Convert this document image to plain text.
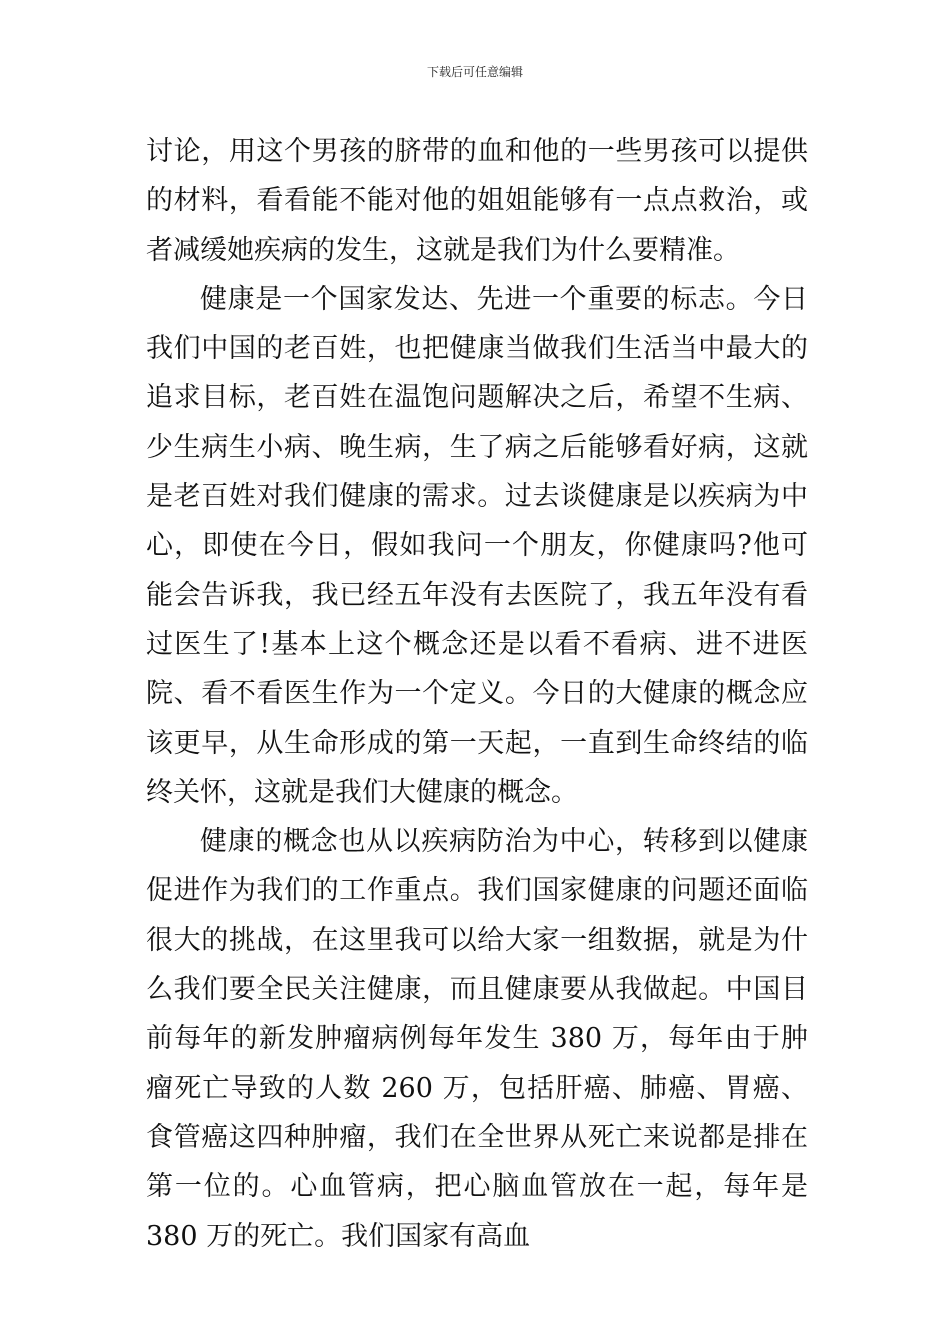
下载后可任意编辑

讨论，用这个男孩的脐带的血和他的一些男孩可以提供的材料，看看能不能对他的姐姐能够有一点点救治，或者减缓她疾病的发生，这就是我们为什么要精准。

健康是一个国家发达、先进一个重要的标志。今日我们中国的老百姓，也把健康当做我们生活当中最大的追求目标，老百姓在温饱问题解决之后，希望不生病、少生病生小病、晚生病，生了病之后能够看好病，这就是老百姓对我们健康的需求。过去谈健康是以疾病为中心，即使在今日，假如我问一个朋友，你健康吗?他可能会告诉我，我已经五年没有去医院了，我五年没有看过医生了!基本上这个概念还是以看不看病、进不进医院、看不看医生作为一个定义。今日的大健康的概念应该更早，从生命形成的第一天起，一直到生命终结的临终关怀，这就是我们大健康的概念。

健康的概念也从以疾病防治为中心，转移到以健康促进作为我们的工作重点。我们国家健康的问题还面临很大的挑战，在这里我可以给大家一组数据，就是为什么我们要全民关注健康，而且健康要从我做起。中国目前每年的新发肿瘤病例每年发生 380 万，每年由于肿瘤死亡导致的人数 260 万，包括肝癌、肺癌、胃癌、食管癌这四种肿瘤，我们在全世界从死亡来说都是排在第一位的。心血管病，把心脑血管放在一起，每年是 380 万的死亡。我们国家有高血
